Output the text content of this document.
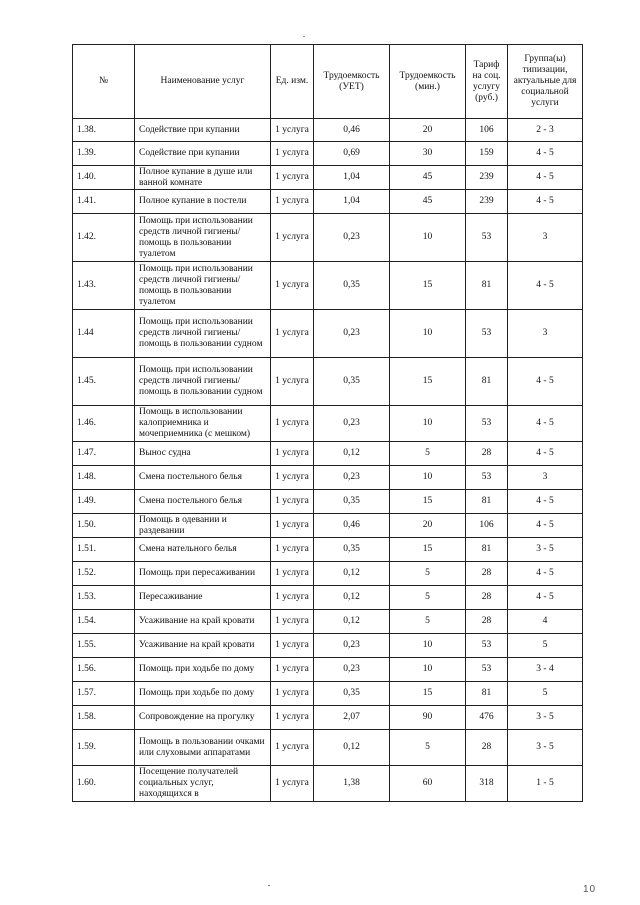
№	Наименование услуг	Ед. изм.	Трудоемкость (УЕТ)	Трудоемкость (мин.)	Тариф на соц. услугу (руб.)	Группа(ы) типизации, актуальные для социальной услуги
1.38.	Содействие при купании	1 услуга	0,46	20	106	2 - 3
1.39.	Содействие при купании	1 услуга	0,69	30	159	4 - 5
1.40.	Полное купание в душе или ванной комнате	1 услуга	1,04	45	239	4 - 5
1.41.	Полное купание в постели	1 услуга	1,04	45	239	4 - 5
1.42.	Помощь при использовании средств личной гигиены/помощь в пользовании туалетом	1 услуга	0,23	10	53	3
1.43.	Помощь при использовании средств личной гигиены/помощь в пользовании туалетом	1 услуга	0,35	15	81	4 - 5
1.44	Помощь при использовании средств личной гигиены/помощь в пользовании судном	1 услуга	0,23	10	53	3
1.45.	Помощь при использовании средств личной гигиены/помощь в пользовании судном	1 услуга	0,35	15	81	4 - 5
1.46.	Помощь в использовании калоприемника и мочеприемника (с мешком)	1 услуга	0,23	10	53	4 - 5
1.47.	Вынос судна	1 услуга	0,12	5	28	4 - 5
1.48.	Смена постельного белья	1 услуга	0,23	10	53	3
1.49.	Смена постельного белья	1 услуга	0,35	15	81	4 - 5
1.50.	Помощь в одевании и раздевании	1 услуга	0,46	20	106	4 - 5
1.51.	Смена нательного белья	1 услуга	0,35	15	81	3 - 5
1.52.	Помощь при пересаживании	1 услуга	0,12	5	28	4 - 5
1.53.	Пересаживание	1 услуга	0,12	5	28	4 - 5
1.54.	Усаживание на край кровати	1 услуга	0,12	5	28	4
1.55.	Усаживание на край кровати	1 услуга	0,23	10	53	5
1.56.	Помощь при ходьбе по дому	1 услуга	0,23	10	53	3 - 4
1.57.	Помощь при ходьбе по дому	1 услуга	0,35	15	81	5
1.58.	Сопровождение на прогулку	1 услуга	2,07	90	476	3 - 5
1.59.	Помощь в пользовании очками или слуховыми аппаратами	1 услуга	0,12	5	28	3 - 5
1.60.	Посещение получателей социальных услуг, находящихся в	1 услуга	1,38	60	318	1 - 5
10
